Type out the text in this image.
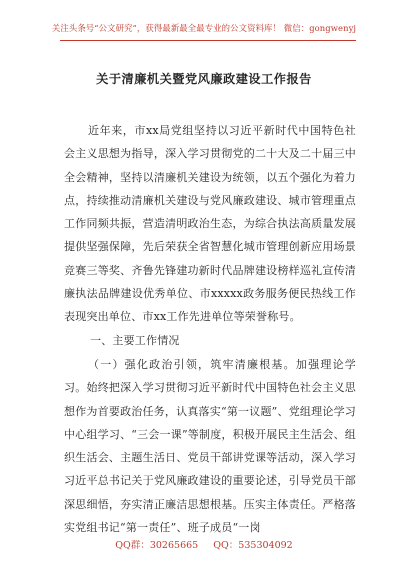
关注头条号“公文研究”，获得最新最全最专业的公文资料库！ 微信：gongwenyj
关于清廉机关暨党风廉政建设工作报告
近年来，市xx局党组坚持以习近平新时代中国特色社会主义思想为指导，深入学习贯彻党的二十大及二十届三中全会精神，坚持以清廉机关建设为统领，以五个强化为着力点，持续推动清廉机关建设与党风廉政建设、城市管理重点工作同频共振，营造清明政治生态，为综合执法高质量发展提供坚强保障，先后荣获全省智慧化城市管理创新应用场景竞赛三等奖、齐鲁先锋建功新时代品牌建设榜样巡礼宣传清廉执法品牌建设优秀单位、市xxxxx政务服务便民热线工作表现突出单位、市xx工作先进单位等荣誉称号。
一、主要工作情况
（一）强化政治引领，筑牢清廉根基。加强理论学习。始终把深入学习贯彻习近平新时代中国特色社会主义思想作为首要政治任务，认真落实“第一议题”、党组理论学习中心组学习、“三会一课”等制度，积极开展民主生活会、组织生活会、主题生活日、党员干部讲党课等活动，深入学习习近平总书记关于党风廉政建设的重要论述，引导党员干部深思细悟，夯实清正廉洁思想根基。压实主体责任。严格落实党组书记“第一责任”、班子成员“一岗
QQ群：30265665 QQ：535304092
